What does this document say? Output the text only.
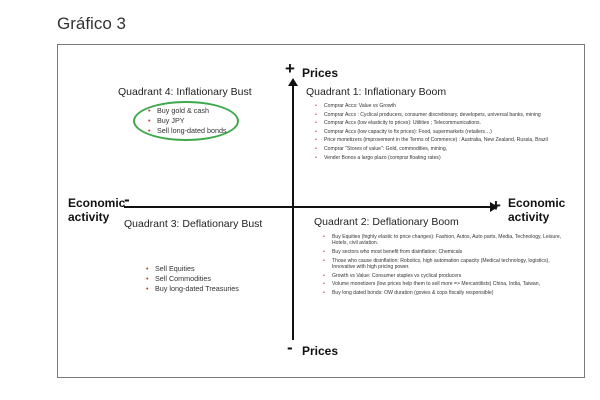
Gráfico 3
+
-
-	+
Prices
Prices
Economic activity
Economic activity
Quadrant 4: Inflationary Bust
• Buy gold & cash
• Buy JPY
• Sell long-dated bonds
Quadrant 1: Inflationary Boom
• Comprar Accs: Value vs Growth
• Comprar Accs : Cyclical producers, consumer discretionary, developers, universal banks, mining
• Comprar Accs (low elasticity to prices): Utilities ; Telecommunications.
• Comprar Accs (low capacity to fix prices): Food, supermarkets (retailers…)
• Price monetizers (improvement in the Terms of Commerce) : Australia, New Zealand, Russia, Brazil
• Comprar "Stores of value": Gold, commodities, mining,
• Vender Bonos a largo plazo (comprar floating rates)
Quadrant 3: Deflationary Bust
• Sell Equities
• Sell Commodities
• Buy long-dated Treasuries
Quadrant 2: Deflationary Boom
• Buy Equities (highly elastic to price changes): Fashion, Autos, Auto parts, Media, Technology, Leisure, Hotels, civil aviation.
• Buy sectors who most benefit from disinflation: Chemicals
• Those who cause disinflation: Robotics, high automation capacity (Medical technology, logistics), Innovative with high pricing power.
• Growth vs Value: Consumer staples vs cyclical producers
• Volume monetizers (low prices help them to sell more => Mercantilists) China, India, Taiwan,
• Buy long dated bonds: OW duration (govies & cops fiscally responsible)
